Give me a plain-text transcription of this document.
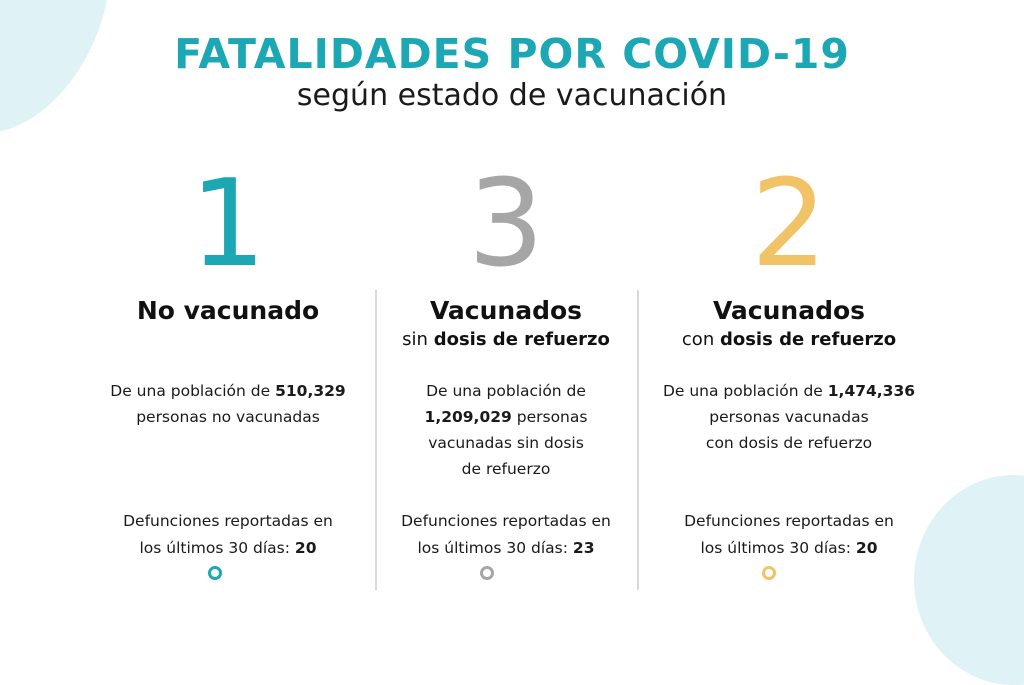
FATALIDADES POR COVID-19
según estado de vacunación
1
No vacunado
De una población de 510,329
personas no vacunadas
Defunciones reportadas en
los últimos 30 días: 20
3
Vacunados
sin dosis de refuerzo
De una población de
1,209,029 personas
vacunadas sin dosis
de refuerzo
Defunciones reportadas en
los últimos 30 días: 23
2
Vacunados
con dosis de refuerzo
De una población de 1,474,336
personas vacunadas
con dosis de refuerzo
Defunciones reportadas en
los últimos 30 días: 20
